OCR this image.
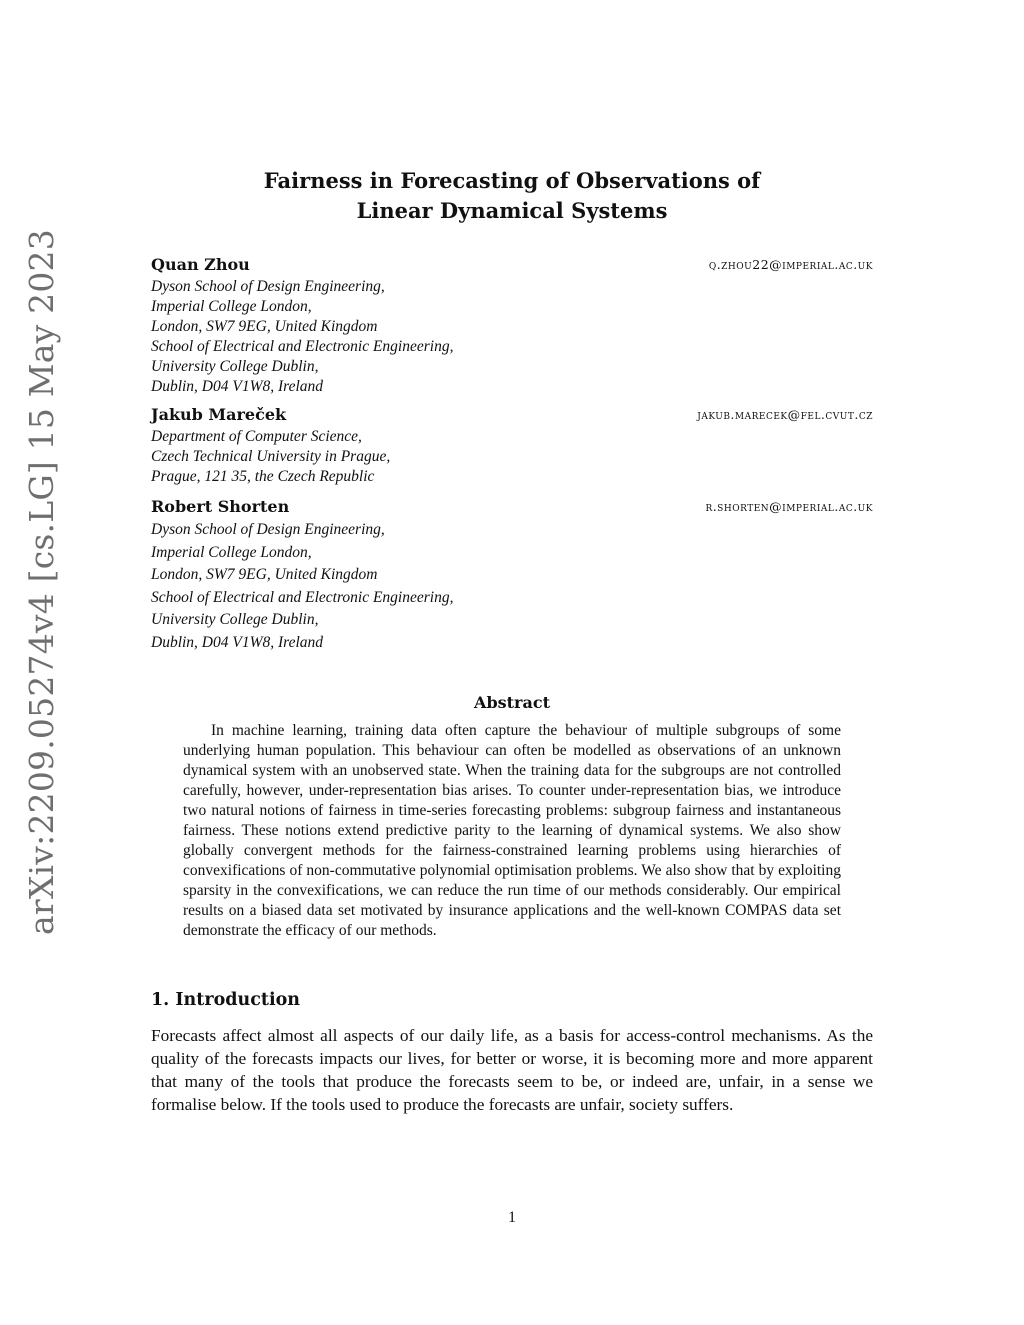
arXiv:2209.05274v4 [cs.LG] 15 May 2023
Fairness in Forecasting of Observations of
Linear Dynamical Systems
Quan Zhou	q.zhou22@imperial.ac.uk
Dyson School of Design Engineering,
Imperial College London,
London, SW7 9EG, United Kingdom
School of Electrical and Electronic Engineering,
University College Dublin,
Dublin, D04 V1W8, Ireland
Jakub Mareček	jakub.marecek@fel.cvut.cz
Department of Computer Science,
Czech Technical University in Prague,
Prague, 121 35, the Czech Republic
Robert Shorten	r.shorten@imperial.ac.uk
Dyson School of Design Engineering,
Imperial College London,
London, SW7 9EG, United Kingdom
School of Electrical and Electronic Engineering,
University College Dublin,
Dublin, D04 V1W8, Ireland
Abstract
In machine learning, training data often capture the behaviour of multiple subgroups of some underlying human population. This behaviour can often be modelled as observations of an unknown dynamical system with an unobserved state. When the training data for the subgroups are not controlled carefully, however, under-representation bias arises. To counter under-representation bias, we introduce two natural notions of fairness in time-series forecasting problems: subgroup fairness and instantaneous fairness. These notions extend predictive parity to the learning of dynamical systems. We also show globally convergent methods for the fairness-constrained learning problems using hierarchies of convexifications of non-commutative polynomial optimisation problems. We also show that by exploiting sparsity in the convexifications, we can reduce the run time of our methods considerably. Our empirical results on a biased data set motivated by insurance applications and the well-known COMPAS data set demonstrate the efficacy of our methods.
1. Introduction
Forecasts affect almost all aspects of our daily life, as a basis for access-control mechanisms. As the quality of the forecasts impacts our lives, for better or worse, it is becoming more and more apparent that many of the tools that produce the forecasts seem to be, or indeed are, unfair, in a sense we formalise below. If the tools used to produce the forecasts are unfair, society suffers.
1
